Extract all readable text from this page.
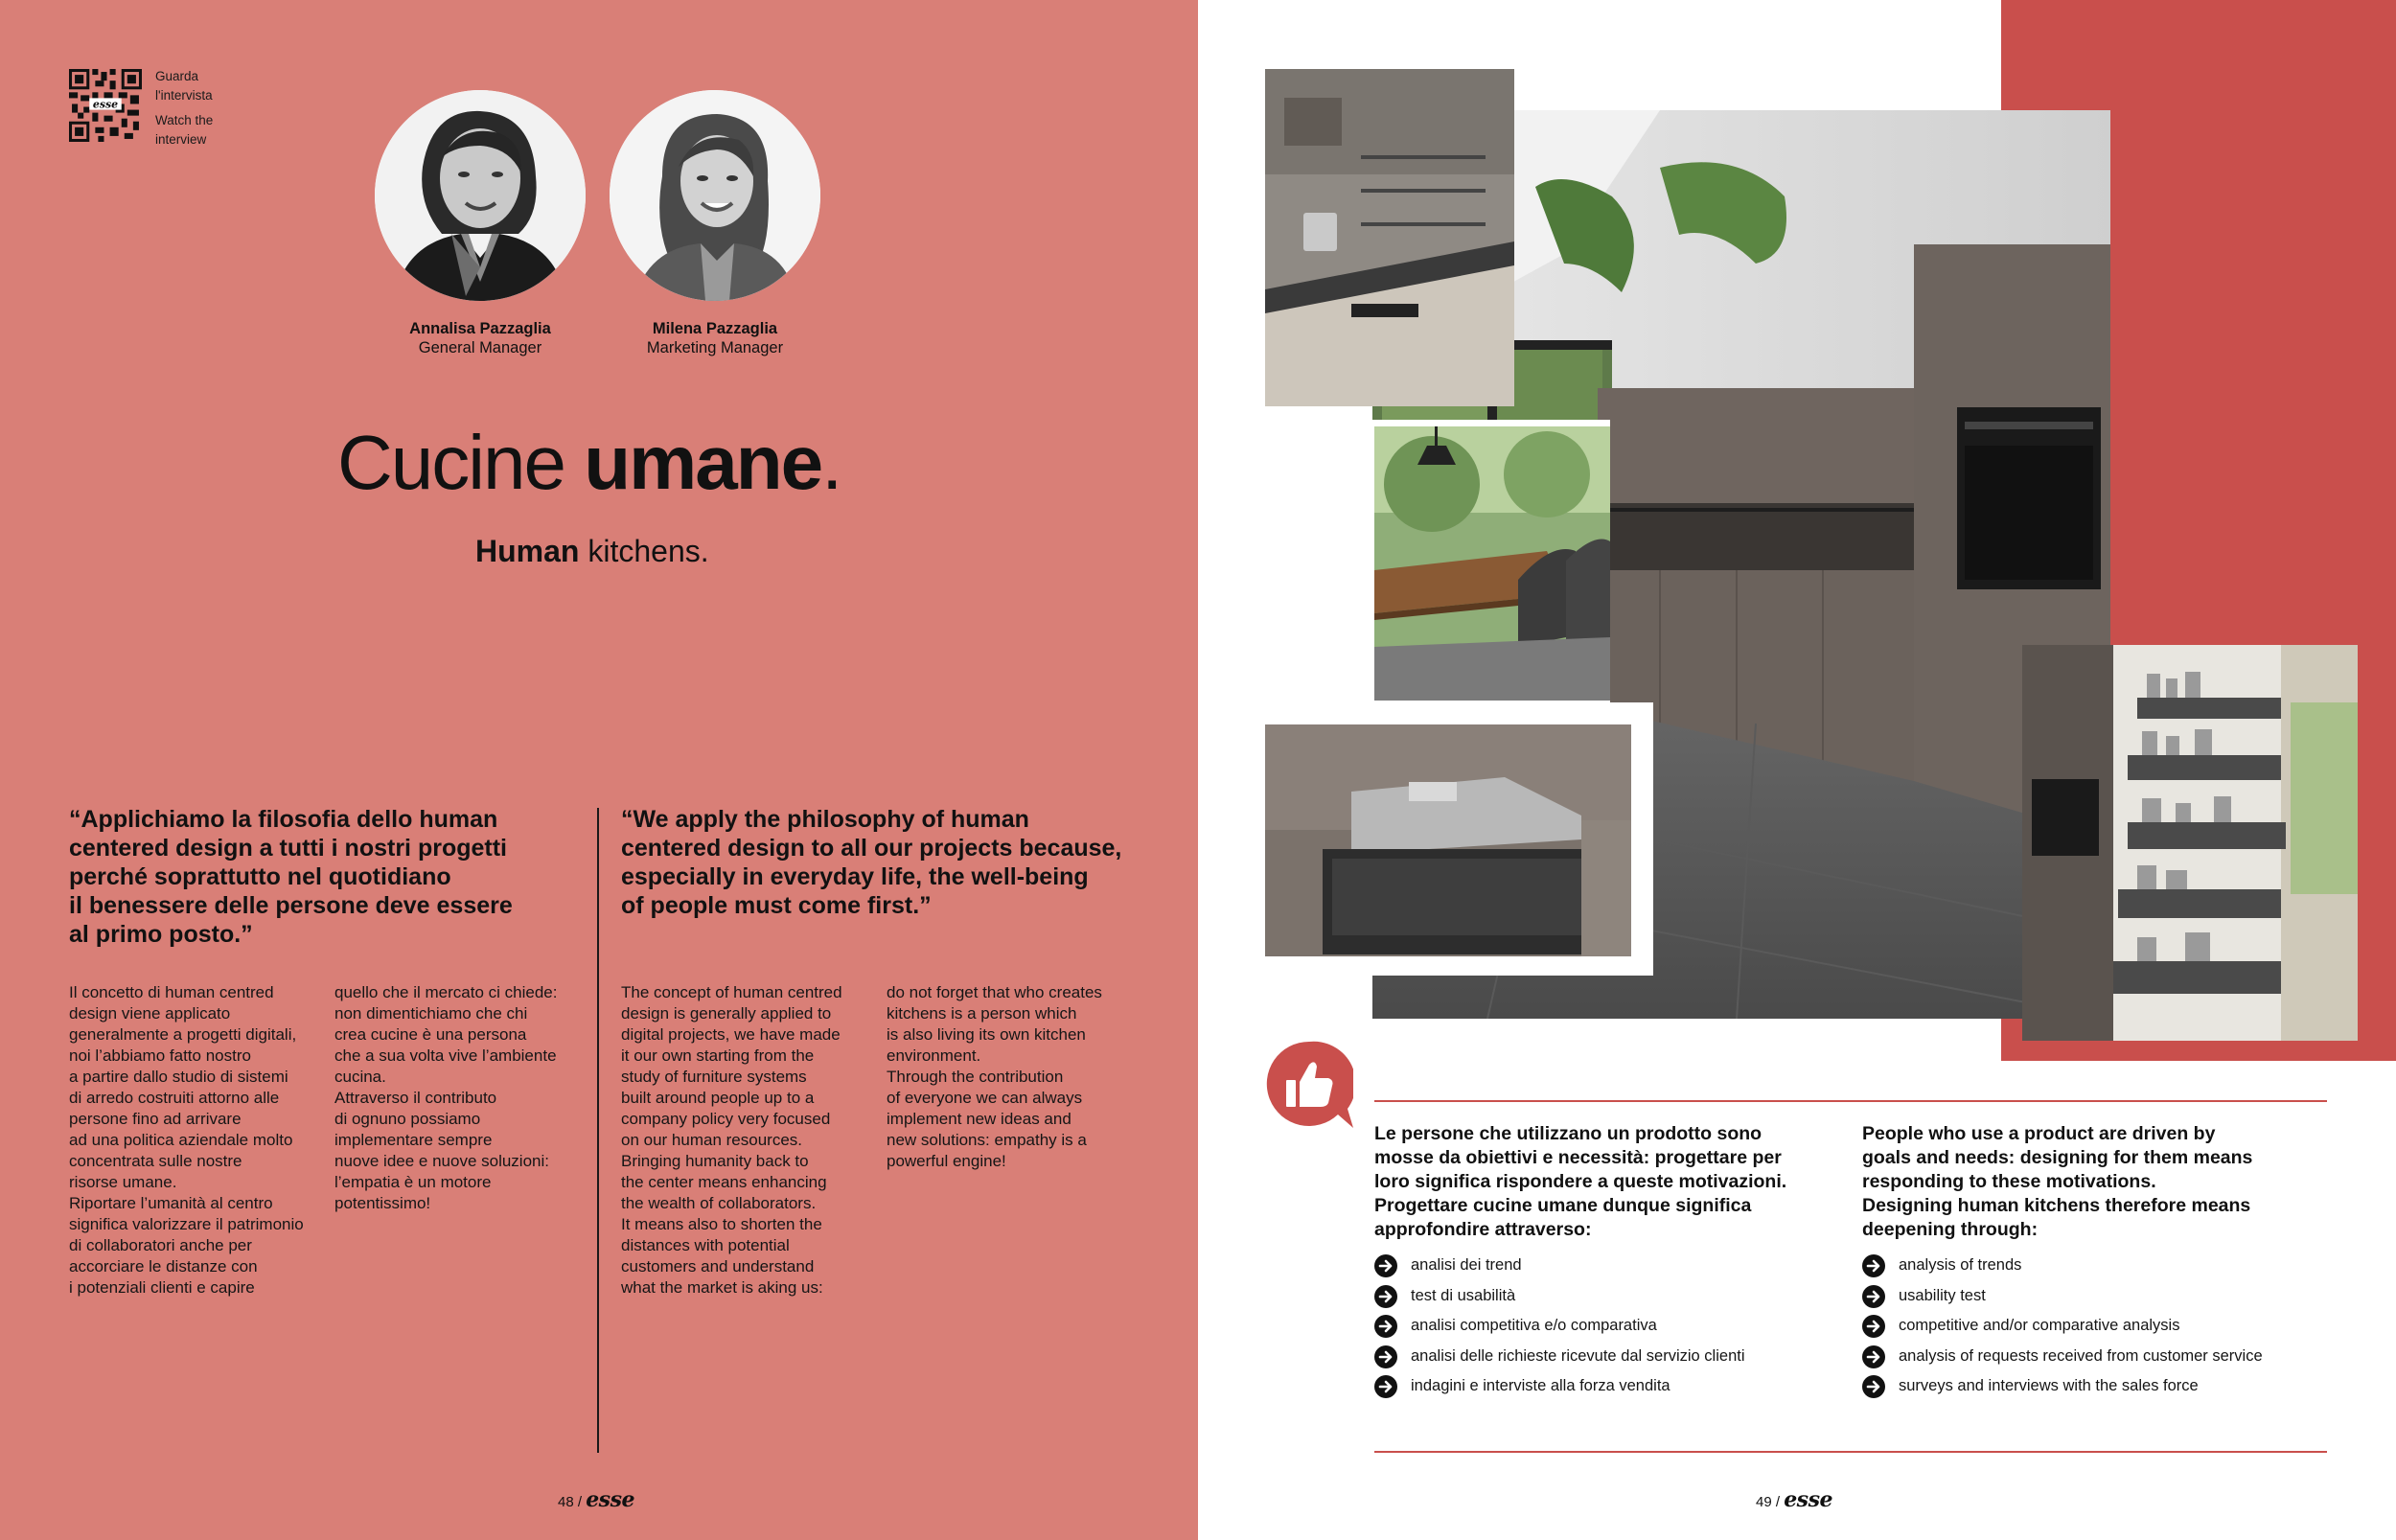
esse
Guarda
l'intervista
Watch the
interview
Annalisa Pazzaglia
General Manager
Milena Pazzaglia
Marketing Manager
Cucine umane.
Human kitchens.
“Applichiamo la filosofia dello human
centered design a tutti i nostri progetti
perché soprattutto nel quotidiano
il benessere delle persone deve essere
al primo posto.”
“We apply the philosophy of human
centered design to all our projects because,
especially in everyday life, the well-being
of people must come first.”
Il concetto di human centred
design viene applicato
generalmente a progetti digitali,
noi l’abbiamo fatto nostro
a partire dallo studio di sistemi
di arredo costruiti attorno alle
persone fino ad arrivare
ad una politica aziendale molto
concentrata sulle nostre
risorse umane.
Riportare l’umanità al centro
significa valorizzare il patrimonio
di collaboratori anche per
accorciare le distanze con
i potenziali clienti e capire
quello che il mercato ci chiede:
non dimentichiamo che chi
crea cucine è una persona
che a sua volta vive l’ambiente
cucina.
Attraverso il contributo
di ognuno possiamo
implementare sempre
nuove idee e nuove soluzioni:
l’empatia è un motore
potentissimo!
The concept of human centred
design is generally applied to
digital projects, we have made
it our own starting from the
study of furniture systems
built around people up to a
company policy very focused
on our human resources.
Bringing humanity back to
the center means enhancing
the wealth of collaborators.
It means also to shorten the
distances with potential
customers and understand
what the market is aking us:
do not forget that who creates
kitchens is a person which
is also living its own kitchen
environment.
Through the contribution
of everyone we can always
implement new ideas and
new solutions: empathy is a
powerful engine!
48 / esse
Le persone che utilizzano un prodotto sono
mosse da obiettivi e necessità: progettare per
loro significa rispondere a queste motivazioni.
Progettare cucine umane dunque significa
approfondire attraverso:
People who use a product are driven by
goals and needs: designing for them means
responding to these motivations.
Designing human kitchens therefore means
deepening through:
analisi dei trend
test di usabilità
analisi competitiva e/o comparativa
analisi delle richieste ricevute dal servizio clienti
indagini e interviste alla forza vendita
analysis of trends
usability test
competitive and/or comparative analysis
analysis of requests received from customer service
surveys and interviews with the sales force
49 / esse
